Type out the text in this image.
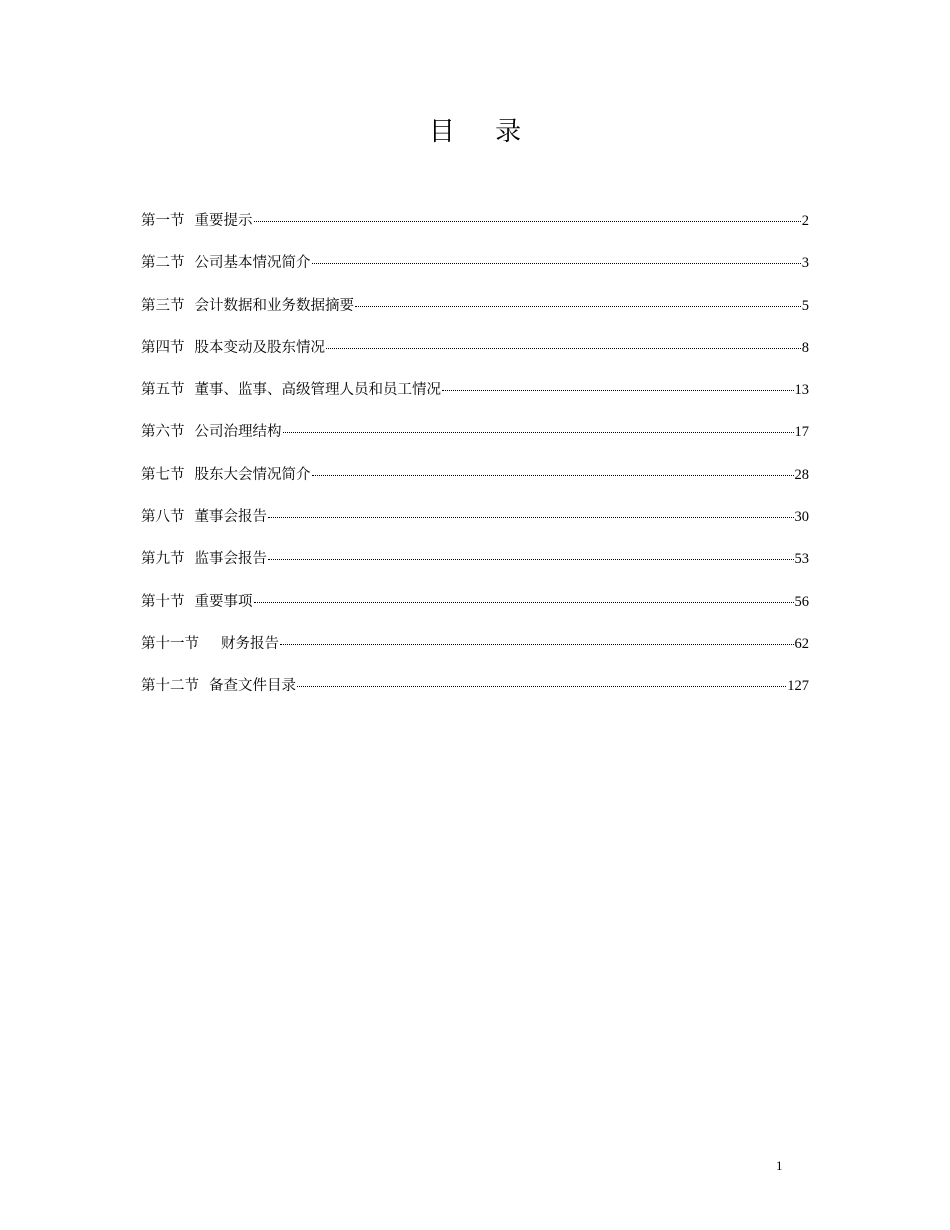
目 录
第一节 重要提示	2
第二节 公司基本情况简介	3
第三节 会计数据和业务数据摘要	5
第四节 股本变动及股东情况	8
第五节 董事、监事、高级管理人员和员工情况	13
第六节 公司治理结构	17
第七节 股东大会情况简介	28
第八节 董事会报告	30
第九节 监事会报告	53
第十节 重要事项	56
第十一节 财务报告	62
第十二节 备查文件目录	127
1
